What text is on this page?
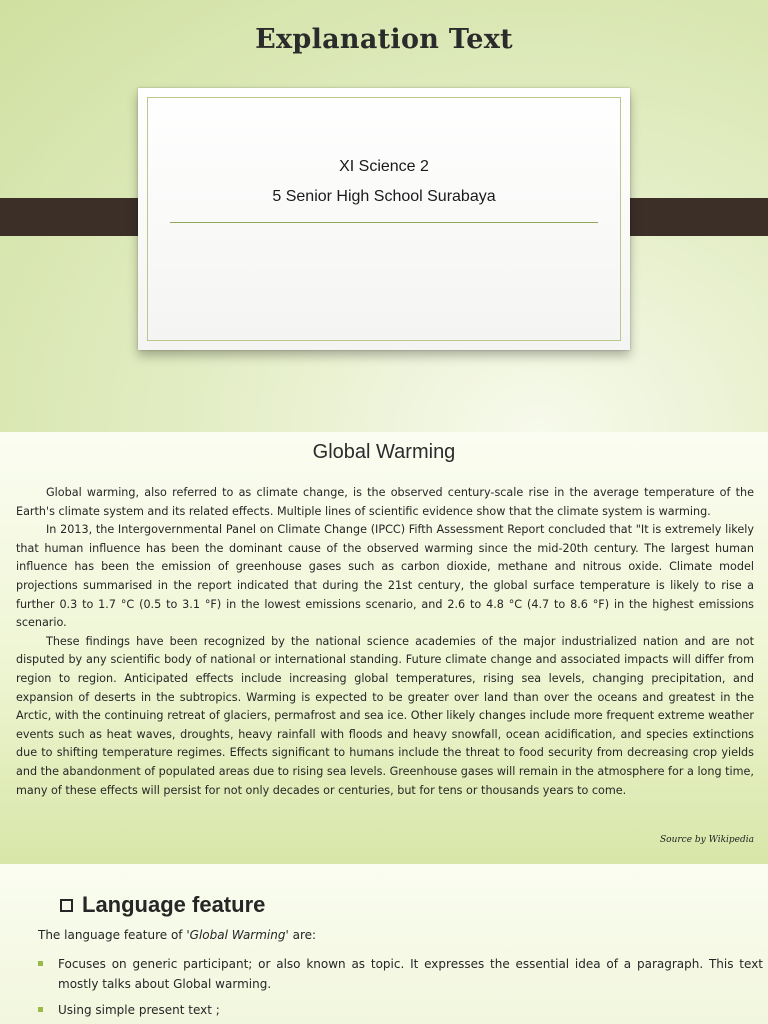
Explanation Text
XI Science 2
5 Senior High School Surabaya
Global Warming

Global warming, also referred to as climate change, is the observed century-scale rise in the average temperature of the Earth's climate system and its related effects. Multiple lines of scientific evidence show that the climate system is warming.

In 2013, the Intergovernmental Panel on Climate Change (IPCC) Fifth Assessment Report concluded that "It is extremely likely that human influence has been the dominant cause of the observed warming since the mid-20th century. The largest human influence has been the emission of greenhouse gases such as carbon dioxide, methane and nitrous oxide. Climate model projections summarised in the report indicated that during the 21st century, the global surface temperature is likely to rise a further 0.3 to 1.7 °C (0.5 to 3.1 °F) in the lowest emissions scenario, and 2.6 to 4.8 °C (4.7 to 8.6 °F) in the highest emissions scenario.

These findings have been recognized by the national science academies of the major industrialized nation and are not disputed by any scientific body of national or international standing. Future climate change and associated impacts will differ from region to region. Anticipated effects include increasing global temperatures, rising sea levels, changing precipitation, and expansion of deserts in the subtropics. Warming is expected to be greater over land than over the oceans and greatest in the Arctic, with the continuing retreat of glaciers, permafrost and sea ice. Other likely changes include more frequent extreme weather events such as heat waves, droughts, heavy rainfall with floods and heavy snowfall, ocean acidification, and species extinctions due to shifting temperature regimes. Effects significant to humans include the threat to food security from decreasing crop yields and the abandonment of populated areas due to rising sea levels. Greenhouse gases will remain in the atmosphere for a long time, many of these effects will persist for not only decades or centuries, but for tens or thousands years to come.

Source by Wikipedia
Language feature
The language feature of 'Global Warming' are:
Focuses on generic participant; or also known as topic. It expresses the essential idea of a paragraph. This text mostly talks about Global warming.
Using simple present text ;
